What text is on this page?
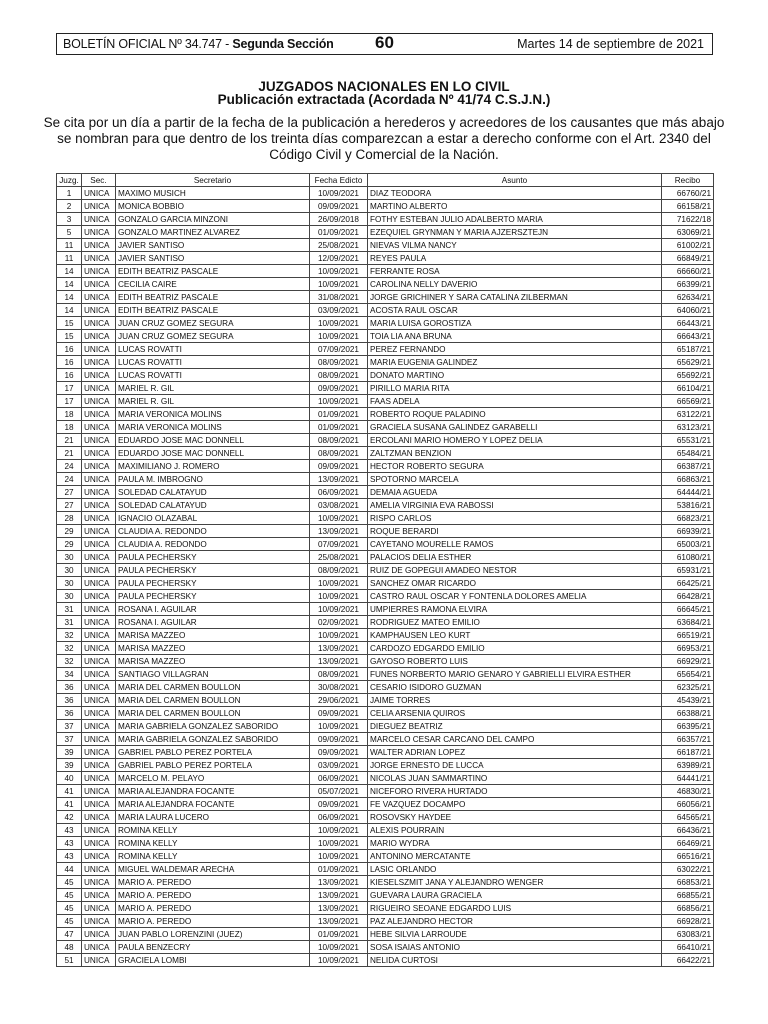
BOLETÍN OFICIAL Nº 34.747 - Segunda Sección	60	Martes 14 de septiembre de 2021
JUZGADOS NACIONALES EN LO CIVIL
Publicación extractada (Acordada Nº 41/74 C.S.J.N.)
Se cita por un día a partir de la fecha de la publicación a herederos y acreedores de los causantes que más abajo se nombran para que dentro de los treinta días comparezcan a estar a derecho conforme con el Art. 2340 del Código Civil y Comercial de la Nación.
Juzg.	Sec.	Secretario	Fecha Edicto	Asunto	Recibo
1	UNICA	MAXIMO MUSICH	10/09/2021	DIAZ TEODORA	66760/21
2	UNICA	MONICA BOBBIO	09/09/2021	MARTINO ALBERTO	66158/21
3	UNICA	GONZALO GARCIA MINZONI	26/09/2018	FOTHY ESTEBAN JULIO ADALBERTO MARIA	71622/18
5	UNICA	GONZALO MARTINEZ ALVAREZ	01/09/2021	EZEQUIEL GRYNMAN Y MARIA AJZERSZTEJN	63069/21
11	UNICA	JAVIER SANTISO	25/08/2021	NIEVAS VILMA NANCY	61002/21
11	UNICA	JAVIER SANTISO	12/09/2021	REYES PAULA	66849/21
14	UNICA	EDITH BEATRIZ PASCALE	10/09/2021	FERRANTE ROSA	66660/21
14	UNICA	CECILIA CAIRE	10/09/2021	CAROLINA NELLY DAVERIO	66399/21
14	UNICA	EDITH BEATRIZ PASCALE	31/08/2021	JORGE GRICHINER Y SARA CATALINA ZILBERMAN	62634/21
14	UNICA	EDITH BEATRIZ PASCALE	03/09/2021	ACOSTA RAUL OSCAR	64060/21
15	UNICA	JUAN CRUZ GOMEZ SEGURA	10/09/2021	MARIA LUISA GOROSTIZA	66443/21
15	UNICA	JUAN CRUZ GOMEZ SEGURA	10/09/2021	TOIA LIA ANA BRUNA	66643/21
16	UNICA	LUCAS ROVATTI	07/09/2021	PEREZ FERNANDO	65187/21
16	UNICA	LUCAS ROVATTI	08/09/2021	MARIA EUGENIA GALINDEZ	65629/21
16	UNICA	LUCAS ROVATTI	08/09/2021	DONATO MARTINO	65692/21
17	UNICA	MARIEL R. GIL	09/09/2021	PIRILLO MARIA RITA	66104/21
17	UNICA	MARIEL R. GIL	10/09/2021	FAAS ADELA	66569/21
18	UNICA	MARIA VERONICA MOLINS	01/09/2021	ROBERTO ROQUE PALADINO	63122/21
18	UNICA	MARIA VERONICA MOLINS	01/09/2021	GRACIELA SUSANA GALINDEZ GARABELLI	63123/21
21	UNICA	EDUARDO JOSE MAC DONNELL	08/09/2021	ERCOLANI MARIO HOMERO Y LOPEZ DELIA	65531/21
21	UNICA	EDUARDO JOSE MAC DONNELL	08/09/2021	ZALTZMAN BENZION	65484/21
24	UNICA	MAXIMILIANO J. ROMERO	09/09/2021	HECTOR ROBERTO SEGURA	66387/21
24	UNICA	PAULA M. IMBROGNO	13/09/2021	SPOTORNO MARCELA	66863/21
27	UNICA	SOLEDAD CALATAYUD	06/09/2021	DEMAIA AGUEDA	64444/21
27	UNICA	SOLEDAD CALATAYUD	03/08/2021	AMELIA VIRGINIA EVA RABOSSI	53816/21
28	UNICA	IGNACIO OLAZABAL	10/09/2021	RISPO CARLOS	66823/21
29	UNICA	CLAUDIA A. REDONDO	13/09/2021	ROQUE BERARDI	66939/21
29	UNICA	CLAUDIA A. REDONDO	07/09/2021	CAYETANO MOURELLE RAMOS	65003/21
30	UNICA	PAULA PECHERSKY	25/08/2021	PALACIOS DELIA ESTHER	61080/21
30	UNICA	PAULA PECHERSKY	08/09/2021	RUIZ DE GOPEGUI AMADEO NESTOR	65931/21
30	UNICA	PAULA PECHERSKY	10/09/2021	SANCHEZ OMAR RICARDO	66425/21
30	UNICA	PAULA PECHERSKY	10/09/2021	CASTRO RAUL OSCAR Y FONTENLA DOLORES AMELIA	66428/21
31	UNICA	ROSANA I. AGUILAR	10/09/2021	UMPIERRES RAMONA ELVIRA	66645/21
31	UNICA	ROSANA I. AGUILAR	02/09/2021	RODRIGUEZ MATEO EMILIO	63684/21
32	UNICA	MARISA MAZZEO	10/09/2021	KAMPHAUSEN LEO KURT	66519/21
32	UNICA	MARISA MAZZEO	13/09/2021	CARDOZO EDGARDO EMILIO	66953/21
32	UNICA	MARISA MAZZEO	13/09/2021	GAYOSO ROBERTO LUIS	66929/21
34	UNICA	SANTIAGO VILLAGRAN	08/09/2021	FUNES NORBERTO MARIO GENARO Y GABRIELLI ELVIRA ESTHER	65654/21
36	UNICA	MARIA DEL CARMEN BOULLON	30/08/2021	CESARIO ISIDORO GUZMAN	62325/21
36	UNICA	MARIA DEL CARMEN BOULLON	29/06/2021	JAIME TORRES	45439/21
36	UNICA	MARIA DEL CARMEN BOULLON	09/09/2021	CELIA ARSENIA QUIROS	66388/21
37	UNICA	MARIA GABRIELA GONZALEZ SABORIDO	10/09/2021	DIEGUEZ BEATRIZ	66395/21
37	UNICA	MARIA GABRIELA GONZALEZ SABORIDO	09/09/2021	MARCELO CESAR CARCANO DEL CAMPO	66357/21
39	UNICA	GABRIEL PABLO PEREZ PORTELA	09/09/2021	WALTER ADRIAN LOPEZ	66187/21
39	UNICA	GABRIEL PABLO PEREZ PORTELA	03/09/2021	JORGE ERNESTO DE LUCCA	63989/21
40	UNICA	MARCELO M. PELAYO	06/09/2021	NICOLAS JUAN SAMMARTINO	64441/21
41	UNICA	MARIA ALEJANDRA FOCANTE	05/07/2021	NICEFORO RIVERA HURTADO	46830/21
41	UNICA	MARIA ALEJANDRA FOCANTE	09/09/2021	FE VAZQUEZ DOCAMPO	66056/21
42	UNICA	MARIA LAURA LUCERO	06/09/2021	ROSOVSKY HAYDEE	64565/21
43	UNICA	ROMINA KELLY	10/09/2021	ALEXIS POURRAIN	66436/21
43	UNICA	ROMINA KELLY	10/09/2021	MARIO WYDRA	66469/21
43	UNICA	ROMINA KELLY	10/09/2021	ANTONINO MERCATANTE	66516/21
44	UNICA	MIGUEL WALDEMAR ARECHA	01/09/2021	LASIC ORLANDO	63022/21
45	UNICA	MARIO A. PEREDO	13/09/2021	KIESELSZMIT JANA Y ALEJANDRO WENGER	66853/21
45	UNICA	MARIO A. PEREDO	13/09/2021	GUEVARA LAURA GRACIELA	66855/21
45	UNICA	MARIO A. PEREDO	13/09/2021	RIGUEIRO SEOANE EDGARDO LUIS	66856/21
45	UNICA	MARIO A. PEREDO	13/09/2021	PAZ ALEJANDRO HECTOR	66928/21
47	UNICA	JUAN PABLO LORENZINI (JUEZ)	01/09/2021	HEBE SILVIA LARROUDE	63083/21
48	UNICA	PAULA BENZECRY	10/09/2021	SOSA ISAIAS ANTONIO	66410/21
51	UNICA	GRACIELA LOMBI	10/09/2021	NELIDA CURTOSI	66422/21
